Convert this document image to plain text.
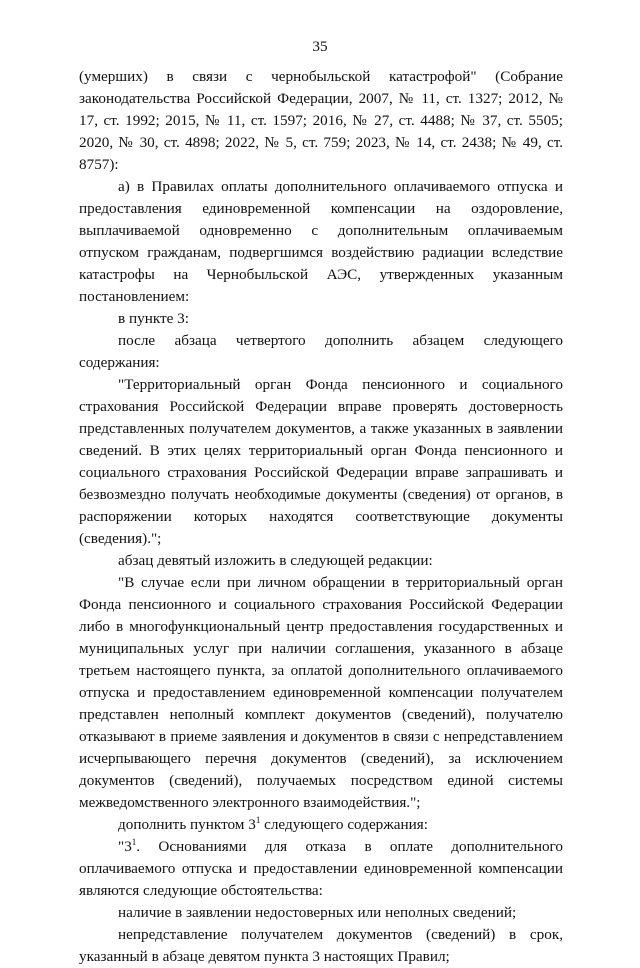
35

(умерших) в связи с чернобыльской катастрофой" (Собрание законодательства Российской Федерации, 2007, № 11, ст. 1327; 2012, № 17, ст. 1992; 2015, № 11, ст. 1597; 2016, № 27, ст. 4488; № 37, ст. 5505; 2020, № 30, ст. 4898; 2022, № 5, ст. 759; 2023, № 14, ст. 2438; № 49, ст. 8757):

а) в Правилах оплаты дополнительного оплачиваемого отпуска и предоставления единовременной компенсации на оздоровление, выплачиваемой одновременно с дополнительным оплачиваемым отпуском гражданам, подвергшимся воздействию радиации вследствие катастрофы на Чернобыльской АЭС, утвержденных указанным постановлением:

в пункте 3:

после абзаца четвертого дополнить абзацем следующего содержания:

"Территориальный орган Фонда пенсионного и социального страхования Российской Федерации вправе проверять достоверность представленных получателем документов, а также указанных в заявлении сведений. В этих целях территориальный орган Фонда пенсионного и социального страхования Российской Федерации вправе запрашивать и безвозмездно получать необходимые документы (сведения) от органов, в распоряжении которых находятся соответствующие документы (сведения).";

абзац девятый изложить в следующей редакции:

"В случае если при личном обращении в территориальный орган Фонда пенсионного и социального страхования Российской Федерации либо в многофункциональный центр предоставления государственных и муниципальных услуг при наличии соглашения, указанного в абзаце третьем настоящего пункта, за оплатой дополнительного оплачиваемого отпуска и предоставлением единовременной компенсации получателем представлен неполный комплект документов (сведений), получателю отказывают в приеме заявления и документов в связи с непредставлением исчерпывающего перечня документов (сведений), за исключением документов (сведений), получаемых посредством единой системы межведомственного электронного взаимодействия.";

дополнить пунктом $3^1$ следующего содержания:

"$3^1$. Основаниями для отказа в оплате дополнительного оплачиваемого отпуска и предоставлении единовременной компенсации являются следующие обстоятельства:

наличие в заявлении недостоверных или неполных сведений;

непредставление получателем документов (сведений) в срок, указанный в абзаце девятом пункта 3 настоящих Правил;
